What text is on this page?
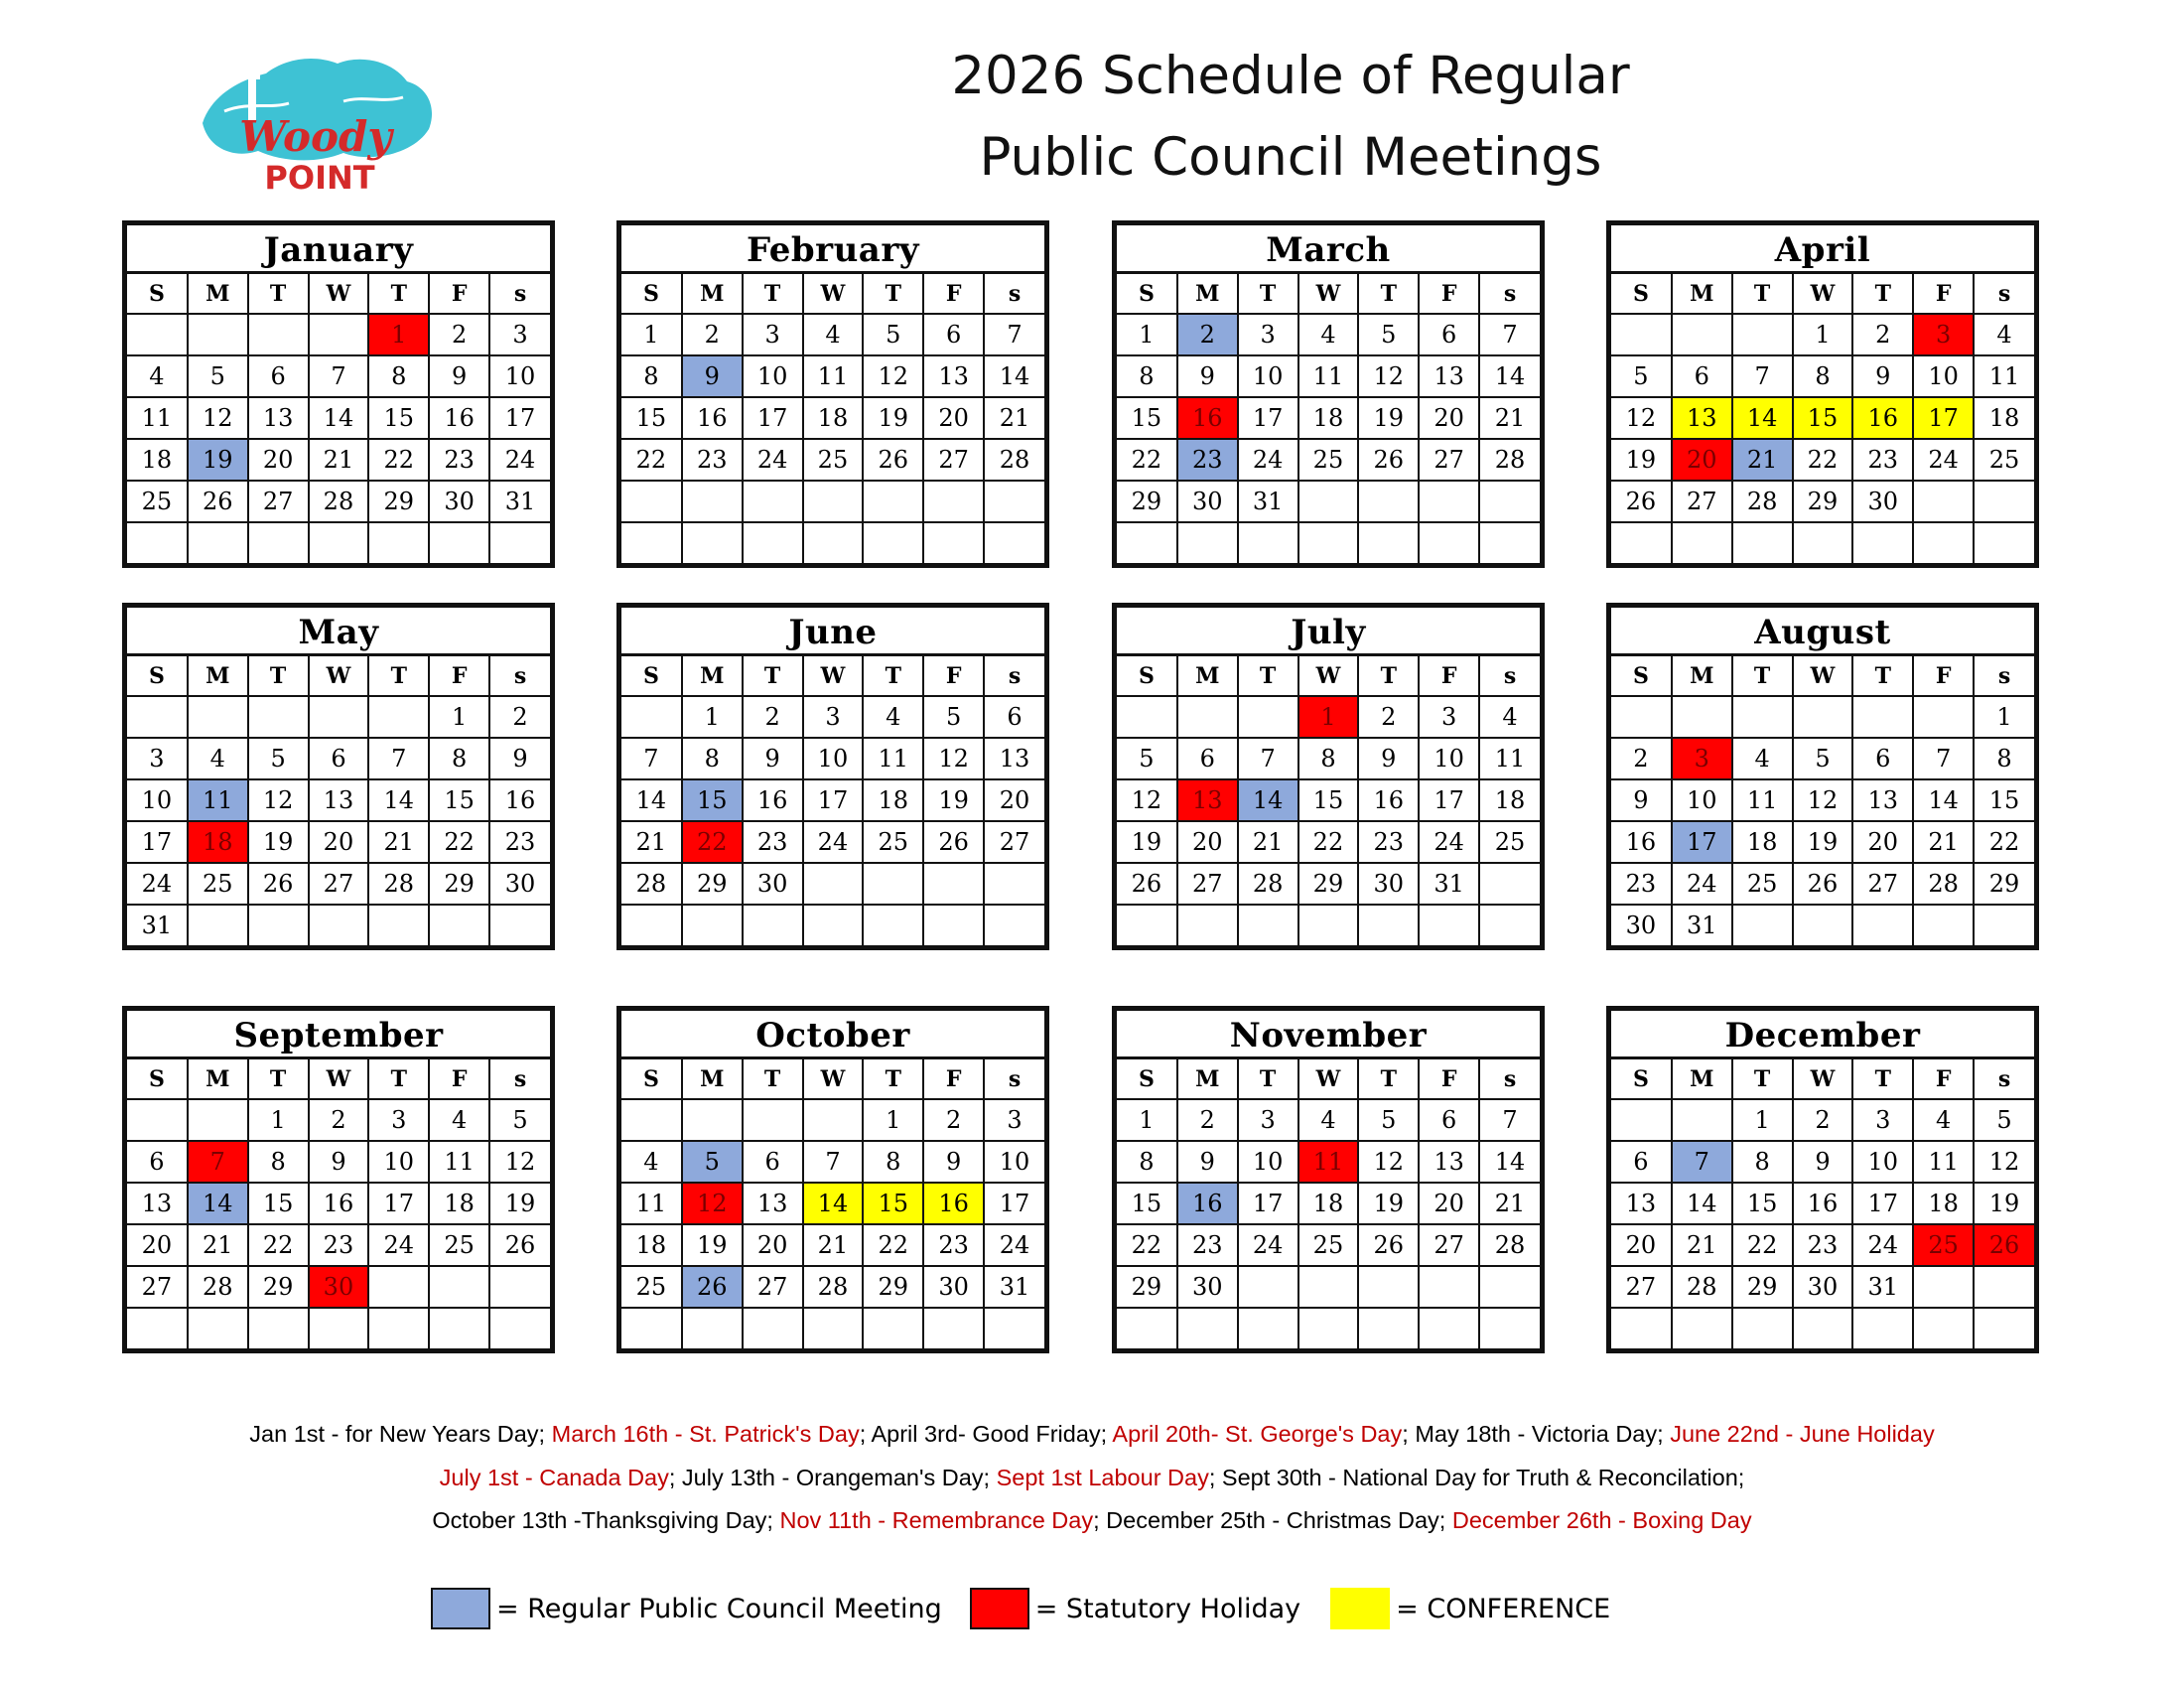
Woody
POINT
2026 Schedule of Regular
Public Council Meetings
January
S	M	T	W	T	F	s
				1	2	3
4	5	6	7	8	9	10
11	12	13	14	15	16	17
18	19	20	21	22	23	24
25	26	27	28	29	30	31

February
S	M	T	W	T	F	s
1	2	3	4	5	6	7
8	9	10	11	12	13	14
15	16	17	18	19	20	21
22	23	24	25	26	27	28

March
S	M	T	W	T	F	s
1	2	3	4	5	6	7
8	9	10	11	12	13	14
15	16	17	18	19	20	21
22	23	24	25	26	27	28
29	30	31				

April
S	M	T	W	T	F	s
			1	2	3	4
5	6	7	8	9	10	11
12	13	14	15	16	17	18
19	20	21	22	23	24	25
26	27	28	29	30		

May
S	M	T	W	T	F	s
					1	2
3	4	5	6	7	8	9
10	11	12	13	14	15	16
17	18	19	20	21	22	23
24	25	26	27	28	29	30
31						
June
S	M	T	W	T	F	s
	1	2	3	4	5	6
7	8	9	10	11	12	13
14	15	16	17	18	19	20
21	22	23	24	25	26	27
28	29	30				

July
S	M	T	W	T	F	s
			1	2	3	4
5	6	7	8	9	10	11
12	13	14	15	16	17	18
19	20	21	22	23	24	25
26	27	28	29	30	31	

August
S	M	T	W	T	F	s
						1
2	3	4	5	6	7	8
9	10	11	12	13	14	15
16	17	18	19	20	21	22
23	24	25	26	27	28	29
30	31					
September
S	M	T	W	T	F	s
		1	2	3	4	5
6	7	8	9	10	11	12
13	14	15	16	17	18	19
20	21	22	23	24	25	26
27	28	29	30			

October
S	M	T	W	T	F	s
				1	2	3
4	5	6	7	8	9	10
11	12	13	14	15	16	17
18	19	20	21	22	23	24
25	26	27	28	29	30	31

November
S	M	T	W	T	F	s
1	2	3	4	5	6	7
8	9	10	11	12	13	14
15	16	17	18	19	20	21
22	23	24	25	26	27	28
29	30					

December
S	M	T	W	T	F	s
		1	2	3	4	5
6	7	8	9	10	11	12
13	14	15	16	17	18	19
20	21	22	23	24	25	26
27	28	29	30	31		

Jan 1st - for New Years Day; March 16th - St. Patrick's Day; April 3rd- Good Friday; April 20th- St. George's Day; May 18th - Victoria Day; June 22nd - June Holiday
July 1st - Canada Day; July 13th - Orangeman's Day; Sept 1st Labour Day; Sept 30th - National Day for Truth & Reconcilation;
October 13th -Thanksgiving Day; Nov 11th - Remembrance Day; December 25th - Christmas Day; December 26th - Boxing Day
= Regular Public Council Meeting	= Statutory Holiday	= CONFERENCE
